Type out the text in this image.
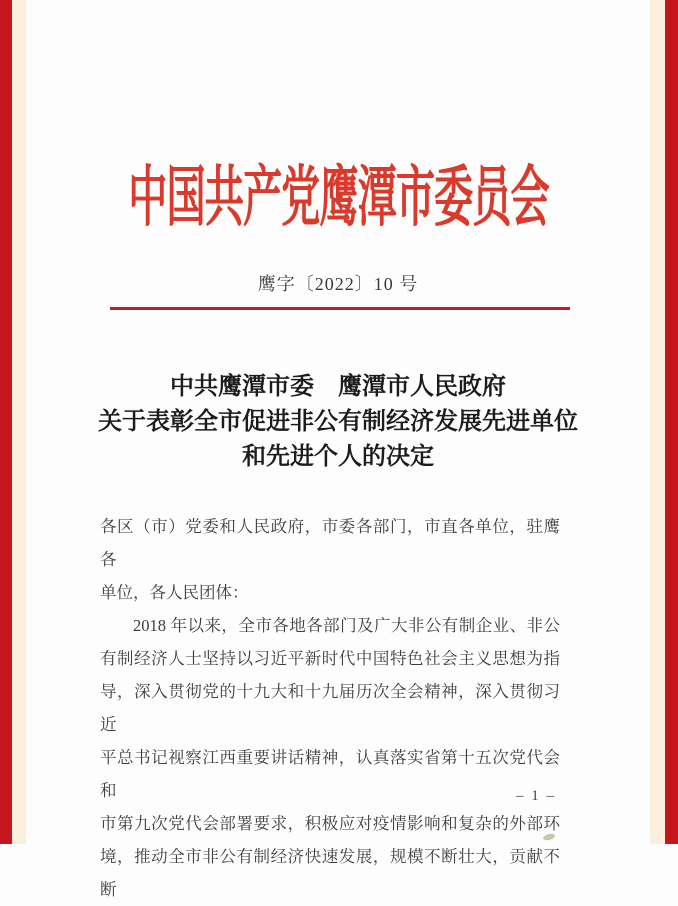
中国共产党鹰潭市委员会
鹰字〔2022〕10 号
中共鹰潭市委　鹰潭市人民政府
关于表彰全市促进非公有制经济发展先进单位
和先进个人的决定
各区（市）党委和人民政府，市委各部门，市直各单位，驻鹰各
单位，各人民团体：
2018 年以来，全市各地各部门及广大非公有制企业、非公
有制经济人士坚持以习近平新时代中国特色社会主义思想为指
导，深入贯彻党的十九大和十九届历次全会精神，深入贯彻习近
平总书记视察江西重要讲话精神，认真落实省第十五次党代会和
市第九次党代会部署要求，积极应对疫情影响和复杂的外部环
境，推动全市非公有制经济快速发展，规模不断壮大，贡献不断
– 1 –
